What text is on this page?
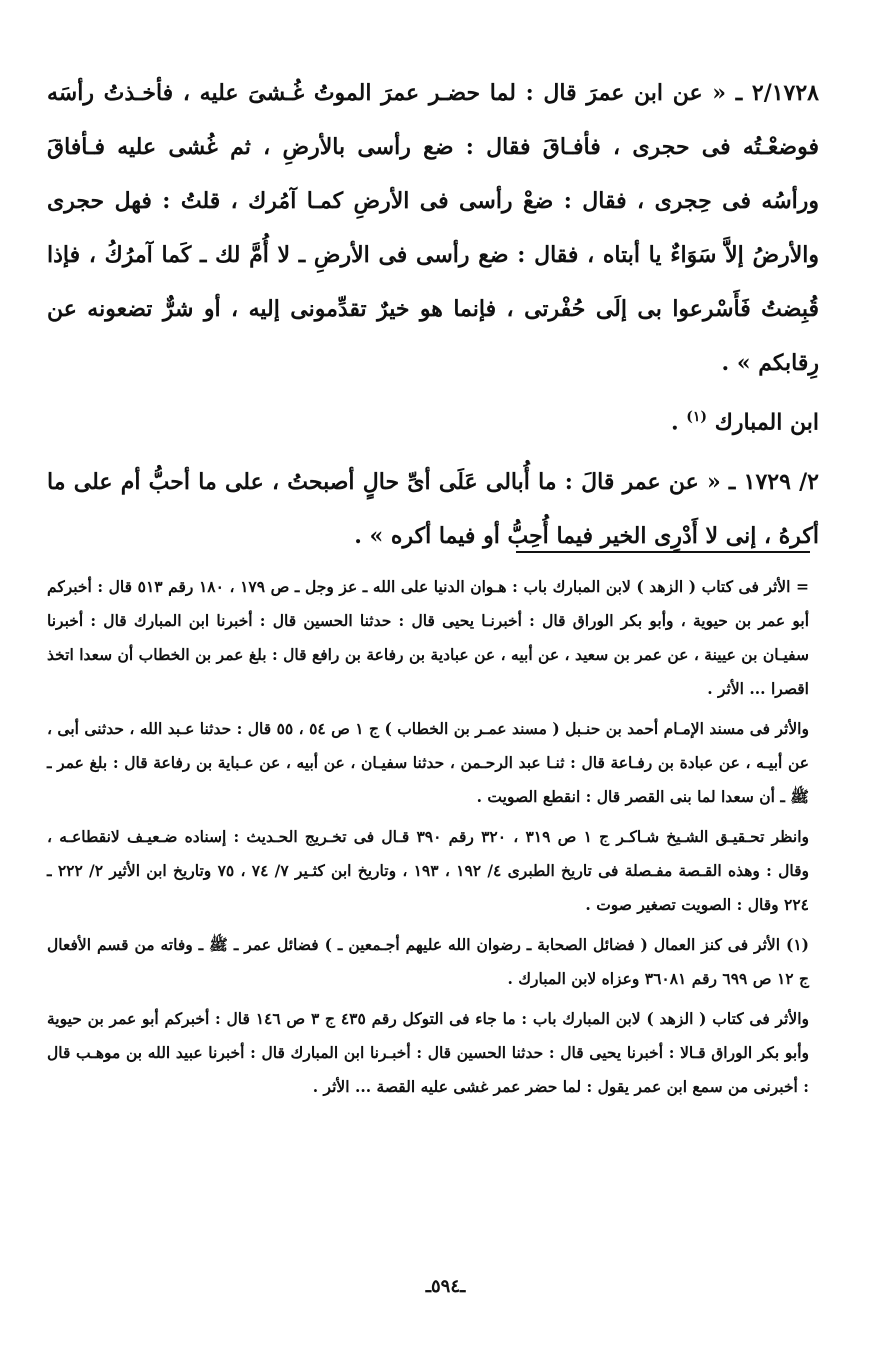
٢/١٧٢٨ ـ « عن ابن عمرَ قال : لما حضـر عمرَ الموتُ غُـشىَ عليه ، فأخـذتُ رأسَه فوضعْـتُه فى حجرى ، فأفـاقَ فقال : ضع رأسى بالأرضِ ، ثم غُشى عليه فـأفاقَ ورأسُه فى حِجرى ، فقال : ضعْ رأسى فى الأرضِ كمـا آمُرك ، قلتُ : فهل حجرى والأرضُ إلاَّ سَوَاءٌ يا أبتاه ، فقال : ضع رأسى فى الأرضِ ـ لا أُمَّ لك ـ كَما آمرُكُ ، فإذا قُبِضتُ فَأَسْرعوا بى إلَى حُفْرتى ، فإنما هو خيرٌ تقدِّمونى إليه ، أو شرٌّ تضعونه عن رِقابكم » .

ابن المبارك $^{(١)}$ .

٢/ ١٧٢٩ ـ « عن عمر قالَ : ما أُبالى عَلَى أىِّ حالٍ أصبحتُ ، على ما أحبُّ أم على ما أكرهُ ، إنى لا أَدْرِى الخير فيما أُحِبُّ أو فيما أكره » .

= الأثر فى كتاب ( الزهد ) لابن المبارك باب : هـوان الدنيا على الله ـ عز وجل ـ ص ١٧٩ ، ١٨٠ رقم ٥١٣ قال : أخبركم أبو عمر بن حيوية ، وأبو بكر الوراق قال : أخبرنـا يحيى قال : حدثنا الحسين قال : أخبرنا ابن المبارك قال : أخبرنا سفيـان بن عيينة ، عن عمر بن سعيد ، عن أبيه ، عن عبادية بن رفاعة بن رافع قال : بلغ عمر بن الخطاب أن سعدا اتخذ اقصرا ... الأثر .

والأثر فى مسند الإمـام أحمد بن حنـبل ( مسند عمـر بن الخطاب ) ج ١ ص ٥٤ ، ٥٥ قال : حدثنا عـبد الله ، حدثنى أبى ، عن أبيـه ، عن عبادة بن رفـاعة قال : ثنـا عبد الرحـمن ، حدثنا سفيـان ، عن أبيه ، عن عـباية بن رفاعة قال : بلغ عمر ـ ﷺ ـ أن سعدا لما بنى القصر قال : انقطع الصويت .

وانظر تحـقيـق الشـيخ شـاكـر ج ١ ص ٣١٩ ، ٣٢٠ رقم ٣٩٠ قـال فى تخـريج الحـديث : إسناده ضـعيـف لانقطاعـه ، وقال : وهذه القـصة مفـصلة فى تاريخ الطبرى ٤/ ١٩٢ ، ١٩٣ ، وتاريخ ابن كثـير ٧/ ٧٤ ، ٧٥ وتاريخ ابن الأثير ٢/ ٢٢٢ ـ ٢٢٤ وقال : الصويت تصغير صوت .

(١) الأثر فى كنز العمال ( فضائل الصحابة ـ رضوان الله عليهم أجـمعين ـ ) فضائل عمر ـ ﷺ ـ وفاته من قسم الأفعال ج ١٢ ص ٦٩٩ رقم ٣٦٠٨١ وعزاه لابن المبارك .

والأثر فى كتاب ( الزهد ) لابن المبارك باب : ما جاء فى التوكل رقم ٤٣٥ ج ٣ ص ١٤٦ قال : أخبركم أبو عمر بن حيوية وأبو بكر الوراق قـالا : أخبرنا يحيى قال : حدثنا الحسين قال : أخبـرنا ابن المبارك قال : أخبرنا عبيد الله بن موهـب قال : أخبرنى من سمع ابن عمر يقول : لما حضر عمر غشى عليه القصة ... الأثر .

ـ٥٩٤ـ
